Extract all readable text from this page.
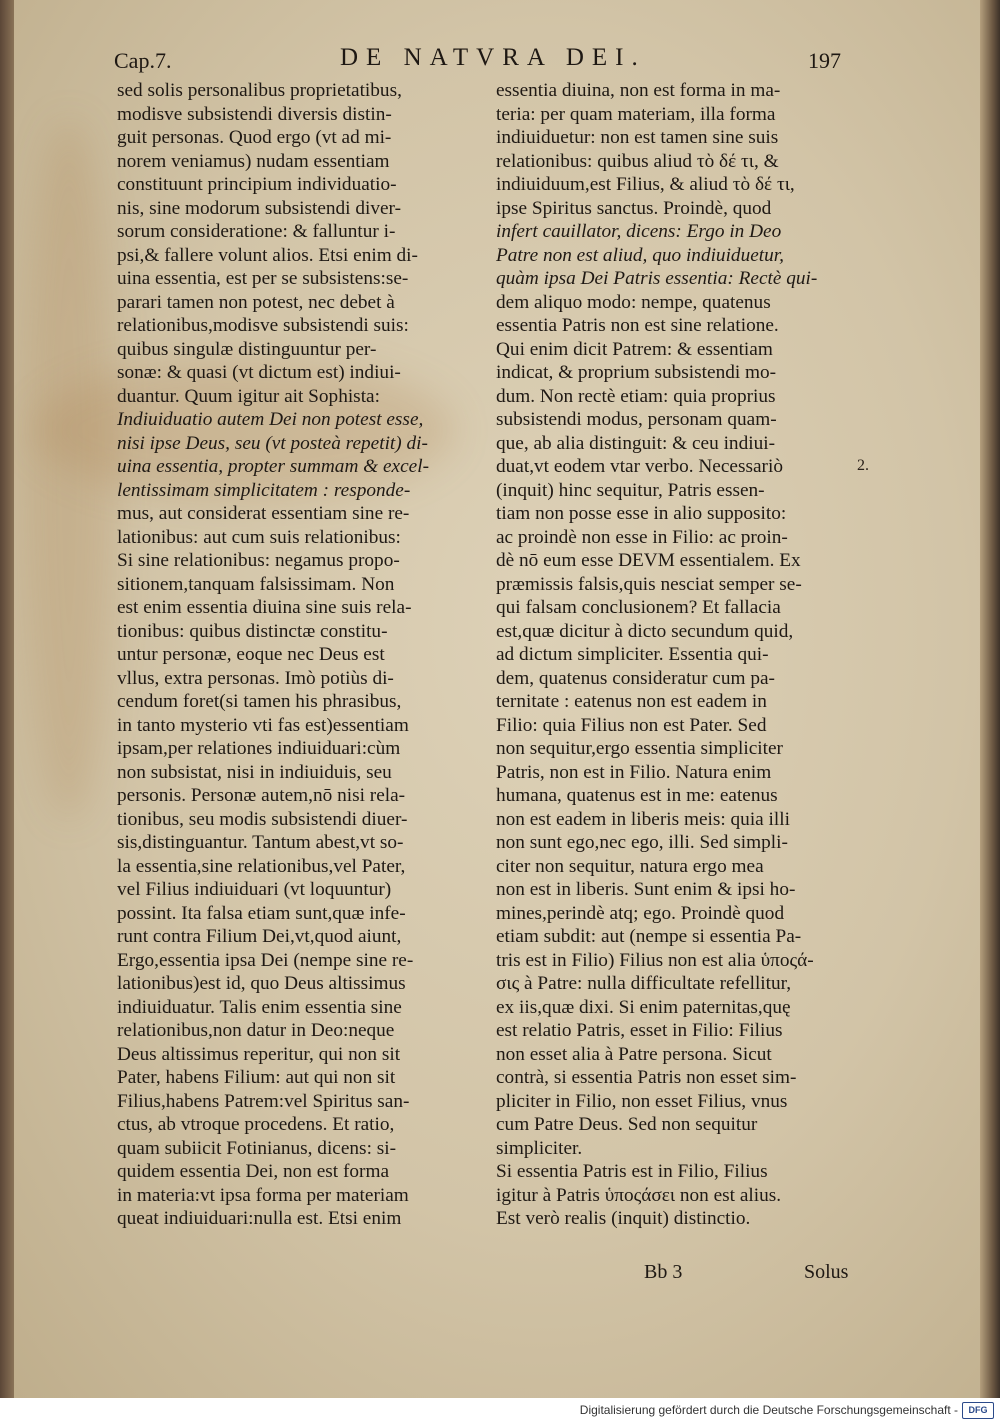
Cap.7.	DE NATVRA DEI.	197
sed solis personalibus proprietatibus,
modisve subsistendi diversis distin-
guit personas. Quod ergo (vt ad mi-
norem veniamus) nudam essentiam
constituunt principium individuatio-
nis, sine modorum subsistendi diver-
sorum consideratione: & falluntur i-
psi,& fallere volunt alios. Etsi enim di-
uina essentia, est per se subsistens:se-
parari tamen non potest, nec debet à
relationibus,modisve subsistendi suis:
quibus singulæ distinguuntur per-
sonæ: & quasi (vt dictum est) indiui-
duantur. Quum igitur ait Sophista:
Indiuiduatio autem Dei non potest esse,
nisi ipse Deus, seu (vt posteà repetit) di-
uina essentia, propter summam & excel-
lentissimam simplicitatem : responde-
mus, aut considerat essentiam sine re-
lationibus: aut cum suis relationibus:
Si sine relationibus: negamus propo-
sitionem,tanquam falsissimam. Non
est enim essentia diuina sine suis rela-
tionibus: quibus distinctæ constitu-
untur personæ, eoque nec Deus est
vllus, extra personas. Imò potiùs di-
cendum foret(si tamen his phrasibus,
in tanto mysterio vti fas est)essentiam
ipsam,per relationes indiuiduari:cùm
non subsistat, nisi in indiuiduis, seu
personis. Personæ autem,nō nisi rela-
tionibus, seu modis subsistendi diuer-
sis,distinguantur. Tantum abest,vt so-
la essentia,sine relationibus,vel Pater,
vel Filius indiuiduari (vt loquuntur)
possint. Ita falsa etiam sunt,quæ infe-
runt contra Filium Dei,vt,quod aiunt,
Ergo,essentia ipsa Dei (nempe sine re-
lationibus)est id, quo Deus altissimus
indiuiduatur. Talis enim essentia sine
relationibus,non datur in Deo:neque
Deus altissimus reperitur, qui non sit
Pater, habens Filium: aut qui non sit
Filius,habens Patrem:vel Spiritus san-
ctus, ab vtroque procedens. Et ratio,
quam subiicit Fotinianus, dicens: si-
quidem essentia Dei, non est forma
in materia:vt ipsa forma per materiam
queat indiuiduari:nulla est. Etsi enim
essentia diuina, non est forma in ma-
teria: per quam materiam, illa forma
indiuiduetur: non est tamen sine suis
relationibus: quibus aliud τὸ δέ τι, &
indiuiduum,est Filius, & aliud τὸ δέ τι,
ipse Spiritus sanctus. Proindè, quod
infert cauillator, dicens: Ergo in Deo
Patre non est aliud, quo indiuiduetur,
quàm ipsa Dei Patris essentia: Rectè qui-
dem aliquo modo: nempe, quatenus
essentia Patris non est sine relatione.
Qui enim dicit Patrem: & essentiam
indicat, & proprium subsistendi mo-
dum. Non rectè etiam: quia proprius
subsistendi modus, personam quam-
que, ab alia distinguit: & ceu indiui-
duat,vt eodem vtar verbo. Necessariò
(inquit) hinc sequitur, Patris essen-
tiam non posse esse in alio supposito:
ac proindè non esse in Filio: ac proin-
dè nō eum esse DEVM essentialem. Ex
præmissis falsis,quis nesciat semper se-
qui falsam conclusionem? Et fallacia
est,quæ dicitur à dicto secundum quid,
ad dictum simpliciter. Essentia qui-
dem, quatenus consideratur cum pa-
ternitate : eatenus non est eadem in
Filio: quia Filius non est Pater. Sed
non sequitur,ergo essentia simpliciter
Patris, non est in Filio. Natura enim
humana, quatenus est in me: eatenus
non est eadem in liberis meis: quia illi
non sunt ego,nec ego, illi. Sed simpli-
citer non sequitur, natura ergo mea
non est in liberis. Sunt enim & ipsi ho-
mines,perindè atq; ego. Proindè quod
etiam subdit: aut (nempe si essentia Pa-
tris est in Filio) Filius non est alia ὑποςά-
σις à Patre: nulla difficultate refellitur,
ex iis,quæ dixi. Si enim paternitas,quę
est relatio Patris, esset in Filio: Filius
non esset alia à Patre persona. Sicut
contrà, si essentia Patris non esset sim-
pliciter in Filio, non esset Filius, vnus
cum Patre Deus. Sed non sequitur
simpliciter.
Si essentia Patris est in Filio, Filius
igitur à Patris ὑποςάσει non est alius.
Est verò realis (inquit) distinctio.
2.
Bb 3	Solus
Digitalisierung gefördert durch die Deutsche Forschungsgemeinschaft -	DFG
